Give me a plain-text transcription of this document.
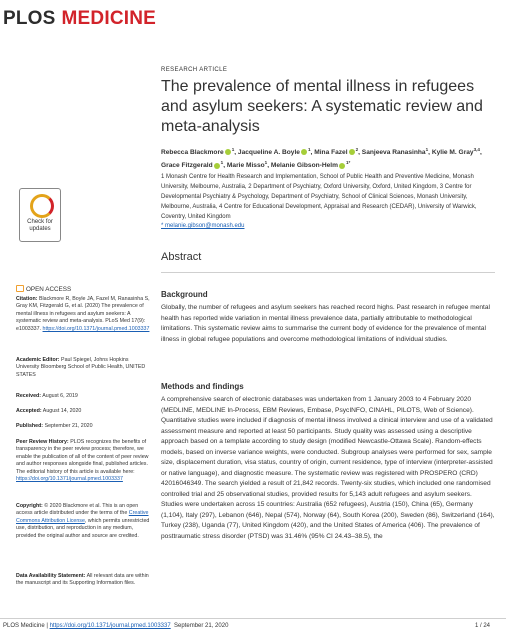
PLOS MEDICINE
RESEARCH ARTICLE
The prevalence of mental illness in refugees and asylum seekers: A systematic review and meta-analysis
Rebecca Blackmore $^1$, Jacqueline A. Boyle $^1$, Mina Fazel $^2$, Sanjeeva Ranasinha$^1$, Kylie M. Gray$^{3,4}$, Grace Fitzgerald $^1$, Marie Misso$^1$, Melanie Gibson-Helm $^{1*}$
1 Monash Centre for Health Research and Implementation, School of Public Health and Preventive Medicine, Monash University, Melbourne, Australia, 2 Department of Psychiatry, Oxford University, Oxford, United Kingdom, 3 Centre for Developmental Psychiatry & Psychology, Department of Psychiatry, School of Clinical Sciences, Monash University, Melbourne, Australia, 4 Centre for Educational Development, Appraisal and Research (CEDAR), University of Warwick, Coventry, United Kingdom
* melanie.gibson@monash.edu
Check for
updates
Abstract
OPEN ACCESS
Citation: Blackmore R, Boyle JA, Fazel M, Ranasinha S, Gray KM, Fitzgerald G, et al. (2020) The prevalence of mental illness in refugees and asylum seekers: A systematic review and meta-analysis. PLoS Med 17(9): e1003337. https://doi.org/10.1371/journal.pmed.1003337
Academic Editor: Paul Spiegel, Johns Hopkins University Bloomberg School of Public Health, UNITED STATES
Received: August 6, 2019
Accepted: August 14, 2020
Published: September 21, 2020
Peer Review History: PLOS recognizes the benefits of transparency in the peer review process; therefore, we enable the publication of all of the content of peer review and author responses alongside final, published articles. The editorial history of this article is available here: https://doi.org/10.1371/journal.pmed.1003337
Copyright: © 2020 Blackmore et al. This is an open access article distributed under the terms of the Creative Commons Attribution License, which permits unrestricted use, distribution, and reproduction in any medium, provided the original author and source are credited.
Data Availability Statement: All relevant data are within the manuscript and its Supporting Information files.
Background
Globally, the number of refugees and asylum seekers has reached record highs. Past research in refugee mental health has reported wide variation in mental illness prevalence data, partially attributable to methodological limitations. This systematic review aims to summarise the current body of evidence for the prevalence of mental illness in global refugee populations and overcome methodological limitations of individual studies.
Methods and findings
A comprehensive search of electronic databases was undertaken from 1 January 2003 to 4 February 2020 (MEDLINE, MEDLINE In-Process, EBM Reviews, Embase, PsycINFO, CINAHL, PILOTS, Web of Science). Quantitative studies were included if diagnosis of mental illness involved a clinical interview and use of a validated assessment measure and reported at least 50 participants. Study quality was assessed using a descriptive approach based on a template according to study design (modified Newcastle-Ottawa Scale). Random-effects models, based on inverse variance weights, were conducted. Subgroup analyses were performed for sex, sample size, displacement duration, visa status, country of origin, current residence, type of interview (interpreter-assisted or native language), and diagnostic measure. The systematic review was registered with PROSPERO (CRD) 42016046349. The search yielded a result of 21,842 records. Twenty-six studies, which included one randomised controlled trial and 25 observational studies, provided results for 5,143 adult refugees and asylum seekers. Studies were undertaken across 15 countries: Australia (652 refugees), Austria (150), China (65), Germany (1,104), Italy (297), Lebanon (646), Nepal (574), Norway (64), South Korea (200), Sweden (86), Switzerland (164), Turkey (238), Uganda (77), United Kingdom (420), and the United States of America (406). The prevalence of posttraumatic stress disorder (PTSD) was 31.46% (95% CI 24.43–38.5), the
PLOS Medicine | https://doi.org/10.1371/journal.pmed.1003337 September 21, 2020	1 / 24
